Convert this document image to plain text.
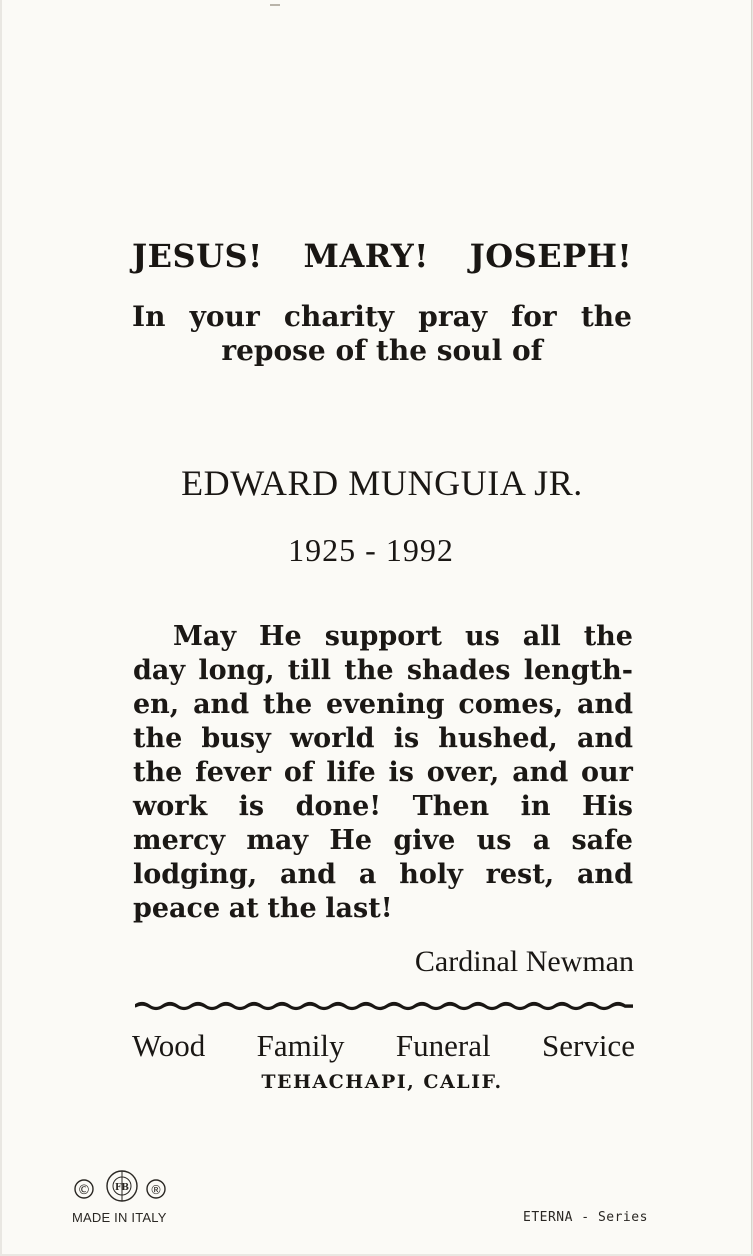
JESUS! MARY! JOSEPH!
In your charity pray for the
repose of the soul of
EDWARD MUNGUIA JR.
1925 - 1992
May He support us all the
day long, till the shades length-
en, and the evening comes, and
the busy world is hushed, and
the fever of life is over, and our
work is done! Then in His
mercy may He give us a safe
lodging, and a holy rest, and
peace at the last!
Cardinal Newman
Wood Family Funeral Service
TEHACHAPI, CALIF.
©	FB ®
MADE IN ITALY	ETERNA - Series
